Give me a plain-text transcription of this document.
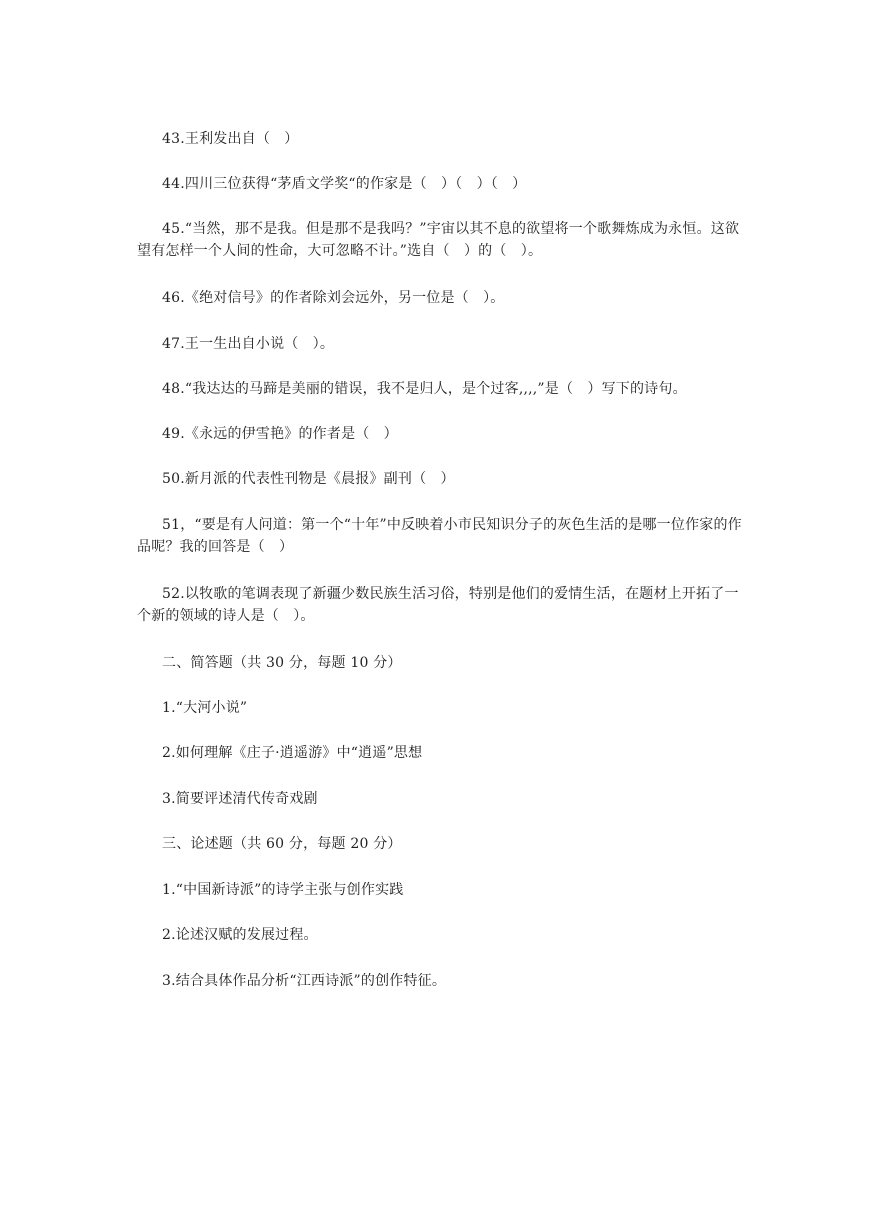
43.王利发出自（　）
44.四川三位获得“茅盾文学奖“的作家是（　）（　）（　）
45.“当然，那不是我。但是那不是我吗？”宇宙以其不息的欲望将一个歌舞炼成为永恒。这欲望有怎样一个人间的性命，大可忽略不计。”选自（　）的（　）。
46.《绝对信号》的作者除刘会远外，另一位是（　）。
47.王一生出自小说（　）。
48.“我达达的马蹄是美丽的错误，我不是归人，是个过客,,,,”是（　）写下的诗句。
49.《永远的伊雪艳》的作者是（　）
50.新月派的代表性刊物是《晨报》副刊（　）
51，“要是有人问道：第一个“十年”中反映着小市民知识分子的灰色生活的是哪一位作家的作品呢？我的回答是（　）
52.以牧歌的笔调表现了新疆少数民族生活习俗，特别是他们的爱情生活，在题材上开拓了一个新的领域的诗人是（　）。
二、简答题（共 30 分，每题 10 分）
1.“大河小说”
2.如何理解《庄子·逍遥游》中“逍遥”思想
3.简要评述清代传奇戏剧
三、论述题（共 60 分，每题 20 分）
1.“中国新诗派”的诗学主张与创作实践
2.论述汉赋的发展过程。
3.结合具体作品分析“江西诗派”的创作特征。
